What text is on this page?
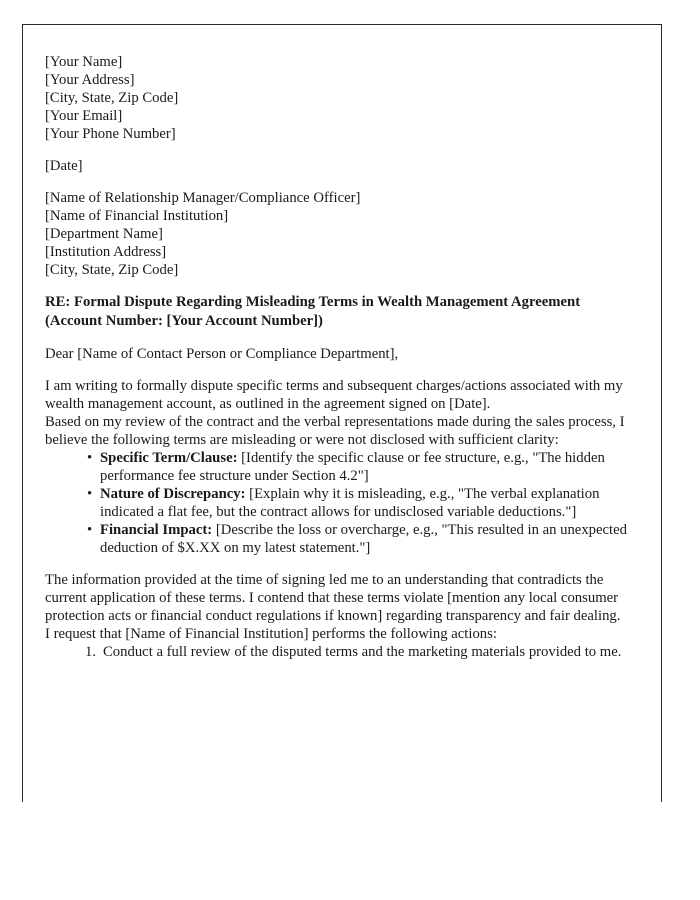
[Your Name]

[Your Address]

[City, State, Zip Code]

[Your Email]

[Your Phone Number]

[Date]

[Name of Relationship Manager/Compliance Officer]

[Name of Financial Institution]

[Department Name]

[Institution Address]

[City, State, Zip Code]

RE: Formal Dispute Regarding Misleading Terms in Wealth Management Agreement (Account Number: [Your Account Number])

Dear [Name of Contact Person or Compliance Department],

I am writing to formally dispute specific terms and subsequent charges/actions associated with my wealth management account, as outlined in the agreement signed on [Date].

Based on my review of the contract and the verbal representations made during the sales process, I believe the following terms are misleading or were not disclosed with sufficient clarity:

• Specific Term/Clause: [Identify the specific clause or fee structure, e.g., "The hidden performance fee structure under Section 4.2"]
• Nature of Discrepancy: [Explain why it is misleading, e.g., "The verbal explanation indicated a flat fee, but the contract allows for undisclosed variable deductions."]
• Financial Impact: [Describe the loss or overcharge, e.g., "This resulted in an unexpected deduction of $X.XX on my latest statement."]

The information provided at the time of signing led me to an understanding that contradicts the current application of these terms. I contend that these terms violate [mention any local consumer protection acts or financial conduct regulations if known] regarding transparency and fair dealing.

I request that [Name of Financial Institution] performs the following actions:

Conduct a full review of the disputed terms and the marketing materials provided to me.
